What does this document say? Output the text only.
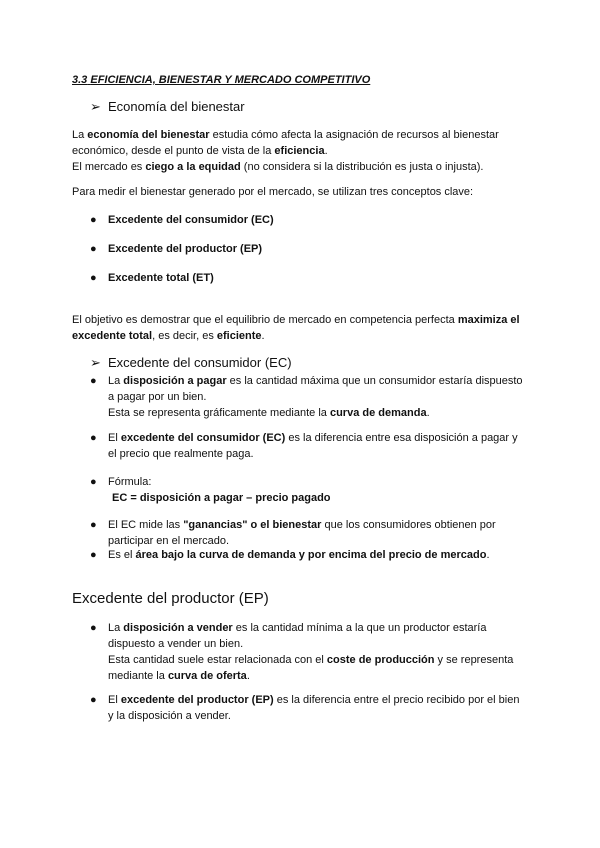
3.3 EFICIENCIA, BIENESTAR Y MERCADO COMPETITIVO
➢ Economía del bienestar
La economía del bienestar estudia cómo afecta la asignación de recursos al bienestar
económico, desde el punto de vista de la eficiencia.
El mercado es ciego a la equidad (no considera si la distribución es justa o injusta).
Para medir el bienestar generado por el mercado, se utilizan tres conceptos clave:
● Excedente del consumidor (EC)
● Excedente del productor (EP)
● Excedente total (ET)
El objetivo es demostrar que el equilibrio de mercado en competencia perfecta maximiza el
excedente total, es decir, es eficiente.
➢ Excedente del consumidor (EC)
● La disposición a pagar es la cantidad máxima que un consumidor estaría dispuesto
a pagar por un bien.
Esta se representa gráficamente mediante la curva de demanda.
● El excedente del consumidor (EC) es la diferencia entre esa disposición a pagar y
el precio que realmente paga.
● Fórmula:
EC = disposición a pagar – precio pagado
● El EC mide las "ganancias" o el bienestar que los consumidores obtienen por
participar en el mercado.
● Es el área bajo la curva de demanda y por encima del precio de mercado.
Excedente del productor (EP)
● La disposición a vender es la cantidad mínima a la que un productor estaría
dispuesto a vender un bien.
Esta cantidad suele estar relacionada con el coste de producción y se representa
mediante la curva de oferta.
● El excedente del productor (EP) es la diferencia entre el precio recibido por el bien
y la disposición a vender.
